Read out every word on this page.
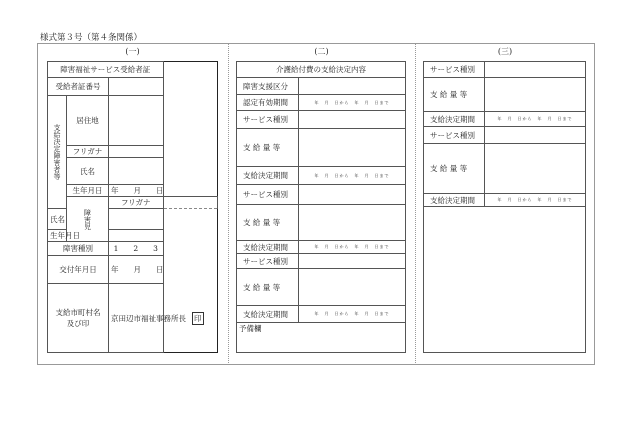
様式第３号（第４条関係）
(一)	(二)	(三)
障害福祉サービス受給者証			
受給者証番号			
支給決定障害者等	居住地		
	フリガナ		
	氏名		
	生年月日	年　　月　　日	
	障害児	フリガナ	
氏名			
生年月日			
障害種別		1　　2　　3	
交付年月日		年　　月　　日	
支給市町村名
及び印		京田辺市福祉事務所長 印	
介護給付費の支給決定内容	
障害支援区分	
認定有効期間	年　月　日から　年　月　日まで
サービス種別	
支 給 量 等	
支給決定期間	年　月　日から　年　月　日まで
サービス種別	
支 給 量 等	
支給決定期間	年　月　日から　年　月　日まで
サービス種別	
支 給 量 等	
支給決定期間	年　月　日から　年　月　日まで
予備欄	
サービス種別	
支 給 量 等	
支給決定期間	年　月　日から　年　月　日まで
サービス種別	
支 給 量 等	
支給決定期間	年　月　日から　年　月　日まで
